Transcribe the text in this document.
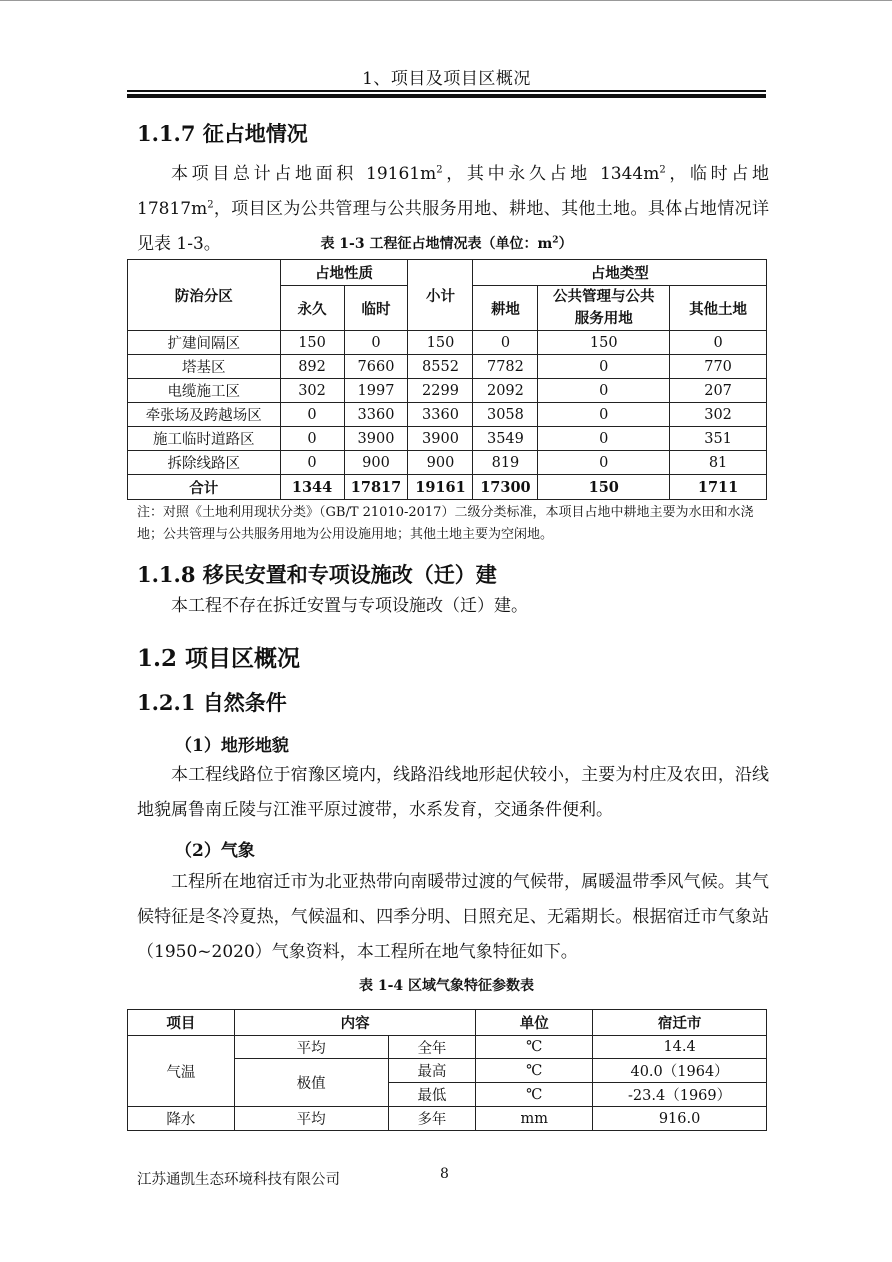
1、项目及项目区概况
1.1.7 征占地情况
本项目总计占地面积 $19161m^2$，其中永久占地 $1344m^2$，临时占地 $17817m^2$，项目区为公共管理与公共服务用地、耕地、其他土地。具体占地情况详见表 1-3。	表 1-3 工程征占地情况表（单位：$m^2$）
防治分区	占地性质		小计	占地类型		
	永久	临时		耕地	公共管理与公共服务用地	其他土地
扩建间隔区	150	0	150	0	150	0
塔基区	892	7660	8552	7782	0	770
电缆施工区	302	1997	2299	2092	0	207
牵张场及跨越场区	0	3360	3360	3058	0	302
施工临时道路区	0	3900	3900	3549	0	351
拆除线路区	0	900	900	819	0	81
合计	1344	17817	19161	17300	150	1711
注：对照《土地利用现状分类》（GB/T 21010-2017）二级分类标准，本项目占地中耕地主要为水田和水浇地；公共管理与公共服务用地为公用设施用地；其他土地主要为空闲地。
1.1.8 移民安置和专项设施改（迁）建
本工程不存在拆迁安置与专项设施改（迁）建。
1.2 项目区概况
1.2.1 自然条件
（1）地形地貌
本工程线路位于宿豫区境内，线路沿线地形起伏较小，主要为村庄及农田，沿线地貌属鲁南丘陵与江淮平原过渡带，水系发育，交通条件便利。
（2）气象
工程所在地宿迁市为北亚热带向南暖带过渡的气候带，属暖温带季风气候。其气候特征是冬冷夏热，气候温和、四季分明、日照充足、无霜期长。根据宿迁市气象站（1950~2020）气象资料，本工程所在地气象特征如下。
表 1-4 区域气象特征参数表
项目	内容		单位	宿迁市
气温	平均	全年	℃	14.4
	极值	最高	℃	40.0（1964）
		最低	℃	-23.4（1969）
降水	平均	多年	mm	916.0
江苏通凯生态环境科技有限公司	8
